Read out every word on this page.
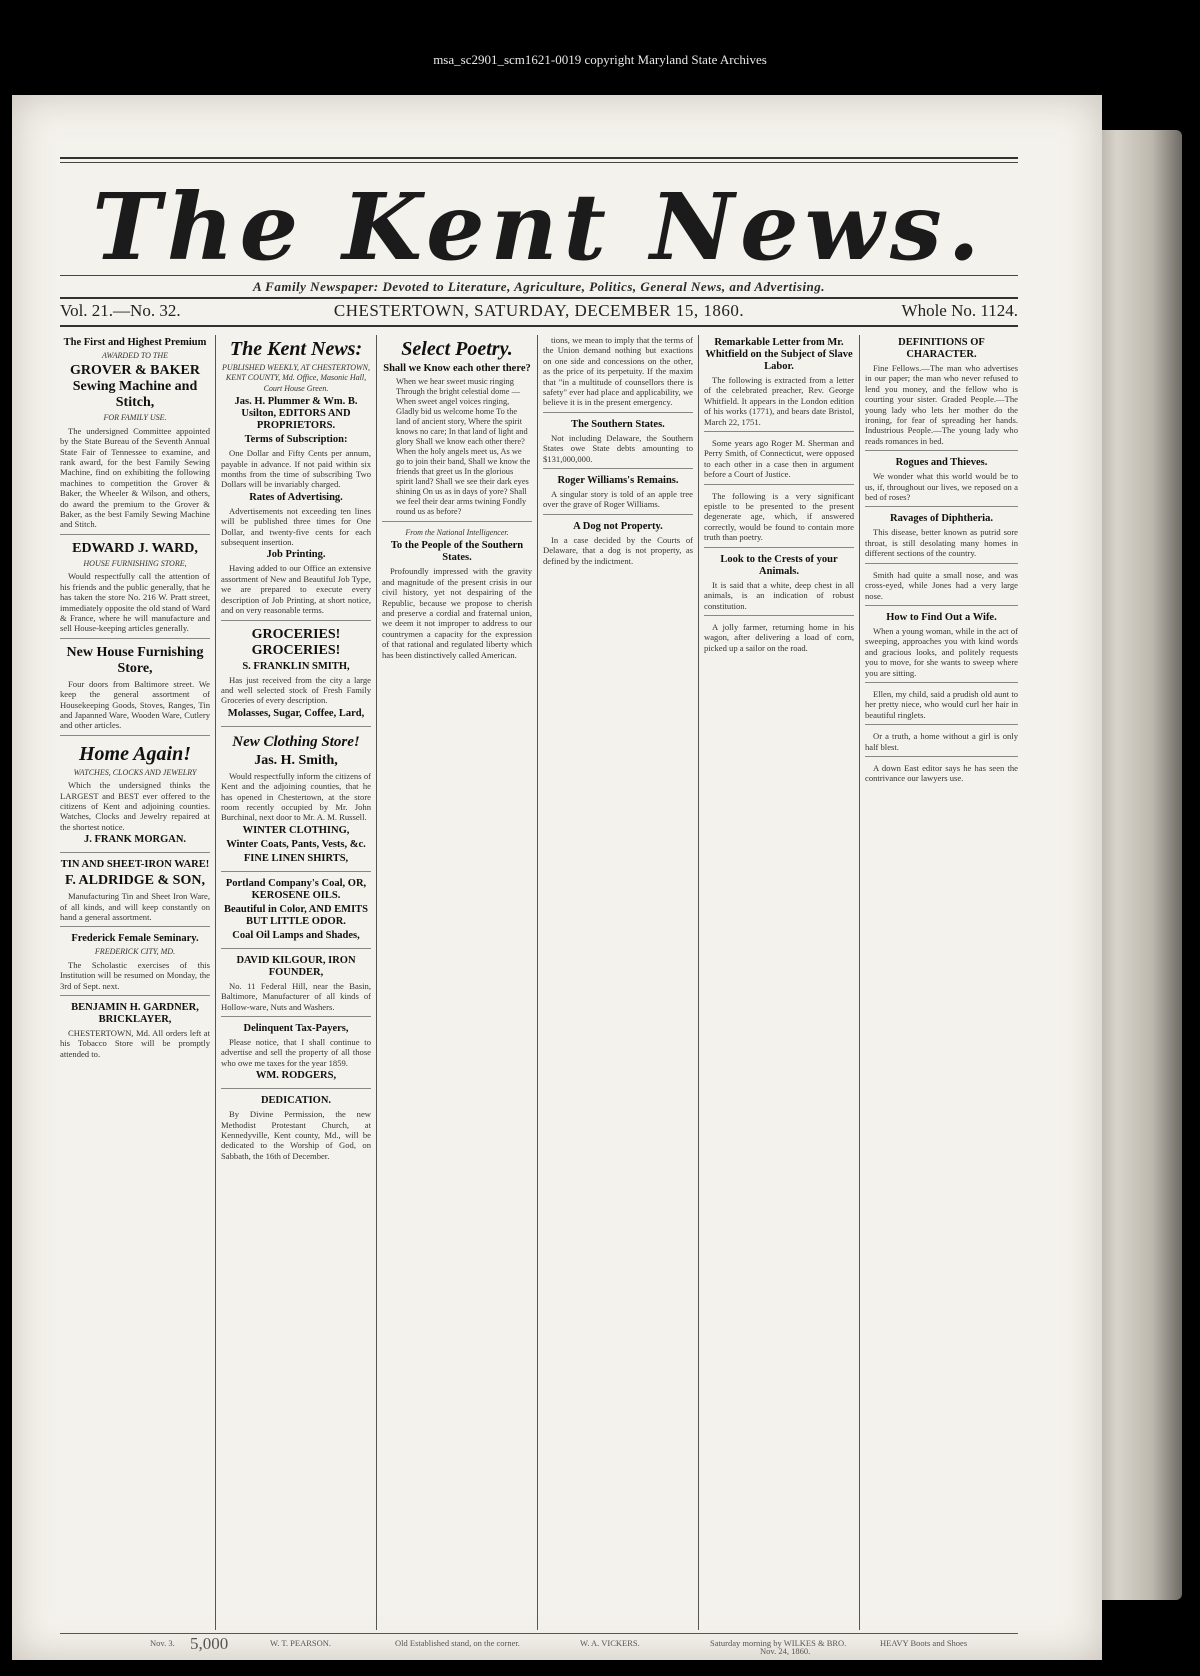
msa_sc2901_scm1621-0019 copyright Maryland State Archives
The Kent News.
A Family Newspaper: Devoted to Literature, Agriculture, Politics, General News, and Advertising.
CHESTERTOWN, SATURDAY, DECEMBER 15, 1860.
Vol. 21.—No. 32.	Whole No. 1124.
The First and Highest Premium
AWARDED TO THE
GROVER & BAKER Sewing Machine and Stitch,
FOR FAMILY USE.
The undersigned Committee appointed by the State Bureau of the Seventh Annual State Fair of Tennessee to examine, and rank award, for the best Family Sewing Machine, find on exhibiting the following machines to competition the Grover & Baker, the Wheeler & Wilson, and others, do award the premium to the Grover & Baker, as the best Family Sewing Machine and Stitch.
EDWARD J. WARD,
HOUSE FURNISHING STORE,
Would respectfully call the attention of his friends and the public generally, that he has taken the store No. 216 W. Pratt street, immediately opposite the old stand of Ward & France, where he will manufacture and sell House-keeping articles generally.
New House Furnishing Store,
Four doors from Baltimore street. We keep the general assortment of Housekeeping Goods, Stoves, Ranges, Tin and Japanned Ware, Wooden Ware, Cutlery and other articles.
Home Again!
WATCHES, CLOCKS AND JEWELRY
Which the undersigned thinks the LARGEST and BEST ever offered to the citizens of Kent and adjoining counties. Watches, Clocks and Jewelry repaired at the shortest notice.
J. FRANK MORGAN.
TIN AND SHEET-IRON WARE!
F. ALDRIDGE & SON,
Manufacturing Tin and Sheet Iron Ware, of all kinds, and will keep constantly on hand a general assortment.
Frederick Female Seminary.
FREDERICK CITY, MD.
The Scholastic exercises of this Institution will be resumed on Monday, the 3rd of Sept. next.
BENJAMIN H. GARDNER, BRICKLAYER,
CHESTERTOWN, Md. All orders left at his Tobacco Store will be promptly attended to.
The Kent News:
PUBLISHED WEEKLY, AT CHESTERTOWN, KENT COUNTY, Md. Office, Masonic Hall, Court House Green.
Jas. H. Plummer & Wm. B. Usilton, EDITORS AND PROPRIETORS.
Terms of Subscription:
One Dollar and Fifty Cents per annum, payable in advance. If not paid within six months from the time of subscribing Two Dollars will be invariably charged.
Rates of Advertising.
Advertisements not exceeding ten lines will be published three times for One Dollar, and twenty-five cents for each subsequent insertion.
Job Printing.
Having added to our Office an extensive assortment of New and Beautiful Job Type, we are prepared to execute every description of Job Printing, at short notice, and on very reasonable terms.
GROCERIES! GROCERIES!
S. FRANKLIN SMITH,
Has just received from the city a large and well selected stock of Fresh Family Groceries of every description.
Molasses, Sugar, Coffee, Lard,
New Clothing Store!
Jas. H. Smith,
Would respectfully inform the citizens of Kent and the adjoining counties, that he has opened in Chestertown, at the store room recently occupied by Mr. John Burchinal, next door to Mr. A. M. Russell.
WINTER CLOTHING,
Winter Coats, Pants, Vests, &c.
FINE LINEN SHIRTS,
Portland Company's Coal, OR, KEROSENE OILS.
Beautiful in Color, AND EMITS BUT LITTLE ODOR.
Coal Oil Lamps and Shades,
DAVID KILGOUR, IRON FOUNDER,
No. 11 Federal Hill, near the Basin, Baltimore, Manufacturer of all kinds of Hollow-ware, Nuts and Washers.
Delinquent Tax-Payers,
Please notice, that I shall continue to advertise and sell the property of all those who owe me taxes for the year 1859.
WM. RODGERS,
DEDICATION.
By Divine Permission, the new Methodist Protestant Church, at Kennedyville, Kent county, Md., will be dedicated to the Worship of God, on Sabbath, the 16th of December.
Select Poetry.
Shall we Know each other there?
When we hear sweet music ringing Through the bright celestial dome — When sweet angel voices ringing, Gladly bid us welcome home To the land of ancient story, Where the spirit knows no care; In that land of light and glory Shall we know each other there? When the holy angels meet us, As we go to join their band, Shall we know the friends that greet us In the glorious spirit land? Shall we see their dark eyes shining On us as in days of yore? Shall we feel their dear arms twining Fondly round us as before?
From the National Intelligencer.
To the People of the Southern States.
Profoundly impressed with the gravity and magnitude of the present crisis in our civil history, yet not despairing of the Republic, because we propose to cherish and preserve a cordial and fraternal union, we deem it not improper to address to our countrymen a capacity for the expression of that rational and regulated liberty which has been distinctively called American.
tions, we mean to imply that the terms of the Union demand nothing but exactions on one side and concessions on the other, as the price of its perpetuity. If the maxim that "in a multitude of counsellors there is safety" ever had place and applicability, we believe it is in the present emergency.
The Southern States.
Not including Delaware, the Southern States owe State debts amounting to $131,000,000.
Roger Williams's Remains.
A singular story is told of an apple tree over the grave of Roger Williams.
A Dog not Property.
In a case decided by the Courts of Delaware, that a dog is not property, as defined by the indictment.
Remarkable Letter from Mr. Whitfield on the Subject of Slave Labor.
The following is extracted from a letter of the celebrated preacher, Rev. George Whitfield. It appears in the London edition of his works (1771), and bears date Bristol, March 22, 1751.
Some years ago Roger M. Sherman and Perry Smith, of Connecticut, were opposed to each other in a case then in argument before a Court of Justice.
The following is a very significant epistle to be presented to the present degenerate age, which, if answered correctly, would be found to contain more truth than poetry.
Look to the Crests of your Animals.
It is said that a white, deep chest in all animals, is an indication of robust constitution.
A jolly farmer, returning home in his wagon, after delivering a load of corn, picked up a sailor on the road.
DEFINITIONS OF CHARACTER.
Fine Fellows.—The man who advertises in our paper; the man who never refused to lend you money, and the fellow who is courting your sister. Graded People.—The young lady who lets her mother do the ironing, for fear of spreading her hands. Industrious People.—The young lady who reads romances in bed.
Rogues and Thieves.
We wonder what this world would be to us, if, throughout our lives, we reposed on a bed of roses?
Ravages of Diphtheria.
This disease, better known as putrid sore throat, is still desolating many homes in different sections of the country.
Smith had quite a small nose, and was cross-eyed, while Jones had a very large nose.
How to Find Out a Wife.
When a young woman, while in the act of sweeping, approaches you with kind words and gracious looks, and politely requests you to move, for she wants to sweep where you are sitting.
Ellen, my child, said a prudish old aunt to her pretty niece, who would curl her hair in beautiful ringlets.
Or a truth, a home without a girl is only half blest.
A down East editor says he has seen the contrivance our lawyers use.
Nov. 3. 5,000	W. T. PEARSON.	Old Established stand, on the corner.	W. A. VICKERS.	Saturday morning by WILKES & BRO.
Nov. 24, 1860.
HEAVY Boots and Shoes
